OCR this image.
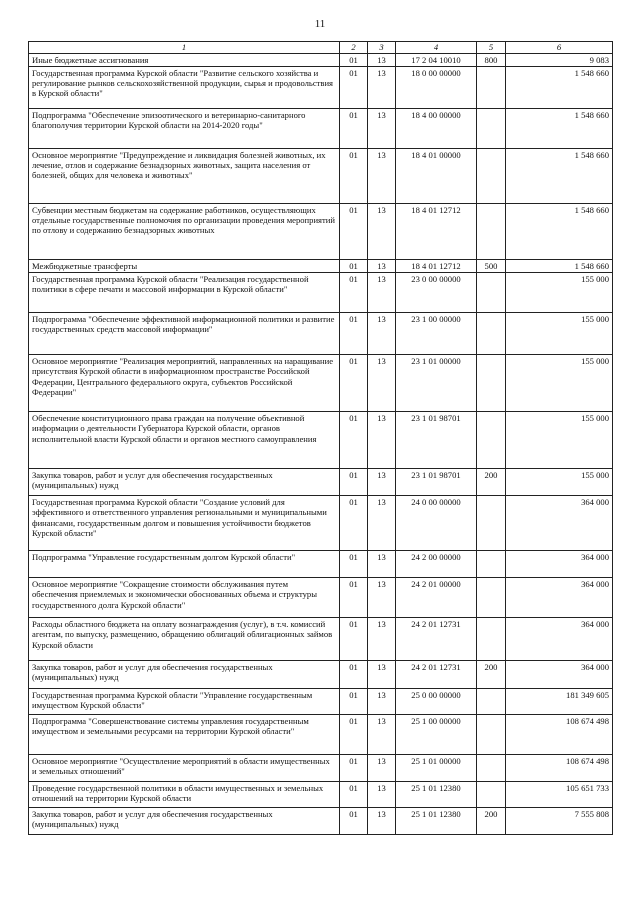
11
1	2	3	4	5	6
Иные бюджетные ассигнования	01	13	17 2 04 10010	800	9 083
Государственная программа Курской области "Развитие сельского хозяйства и регулирование рынков сельскохозяйственной продукции, сырья и продовольствия в Курской области"	01	13	18 0 00 00000		1 548 660
Подпрограмма "Обеспечение эпизоотического и ветеринарно-санитарного благополучия территории Курской области на 2014-2020 годы"	01	13	18 4 00 00000		1 548 660
Основное мероприятие "Предупреждение и ликвидация болезней животных, их лечение, отлов и содержание безнадзорных животных, защита населения от болезней, общих для человека и животных"	01	13	18 4 01 00000		1 548 660
Субвенции местным бюджетам на содержание работников, осуществляющих отдельные государственные полномочия по организации проведения мероприятий по отлову и содержанию безнадзорных животных	01	13	18 4 01 12712		1 548 660
Межбюджетные трансферты	01	13	18 4 01 12712	500	1 548 660
Государственная программа Курской области "Реализация государственной политики в сфере печати и массовой информации в Курской области"	01	13	23 0 00 00000		155 000
Подпрограмма "Обеспечение эффективной информационной политики и развитие государственных средств массовой информации"	01	13	23 1 00 00000		155 000
Основное мероприятие "Реализация мероприятий, направленных на наращивание присутствия Курской области в информационном пространстве Российской Федерации, Центрального федерального округа, субъектов Российской Федерации"	01	13	23 1 01 00000		155 000
Обеспечение конституционного права граждан на получение объективной информации о деятельности Губернатора Курской области, органов исполнительной власти Курской области и органов местного самоуправления	01	13	23 1 01 98701		155 000
Закупка товаров, работ и услуг для обеспечения государственных (муниципальных) нужд	01	13	23 1 01 98701	200	155 000
Государственная программа Курской области "Создание условий для эффективного и ответственного управления региональными и муниципальными финансами, государственным долгом и повышения устойчивости бюджетов Курской области"	01	13	24 0 00 00000		364 000
Подпрограмма "Управление государственным долгом Курской области"	01	13	24 2 00 00000		364 000
Основное мероприятие "Сокращение стоимости обслуживания путем обеспечения приемлемых и экономически обоснованных объема и структуры государственного долга Курской области"	01	13	24 2 01 00000		364 000
Расходы областного бюджета на оплату вознаграждения (услуг), в т.ч. комиссий агентам, по выпуску, размещению, обращению облигаций облигационных займов Курской области	01	13	24 2 01 12731		364 000
Закупка товаров, работ и услуг для обеспечения государственных (муниципальных) нужд	01	13	24 2 01 12731	200	364 000
Государственная программа Курской области "Управление государственным имуществом Курской области"	01	13	25 0 00 00000		181 349 605
Подпрограмма "Совершенствование системы управления государственным имуществом и земельными ресурсами на территории Курской области"	01	13	25 1 00 00000		108 674 498
Основное мероприятие "Осуществление мероприятий в области имущественных и земельных отношений"	01	13	25 1 01 00000		108 674 498
Проведение государственной политики в области имущественных и земельных отношений на территории Курской области	01	13	25 1 01 12380		105 651 733
Закупка товаров, работ и услуг для обеспечения государственных (муниципальных) нужд	01	13	25 1 01 12380	200	7 555 808
